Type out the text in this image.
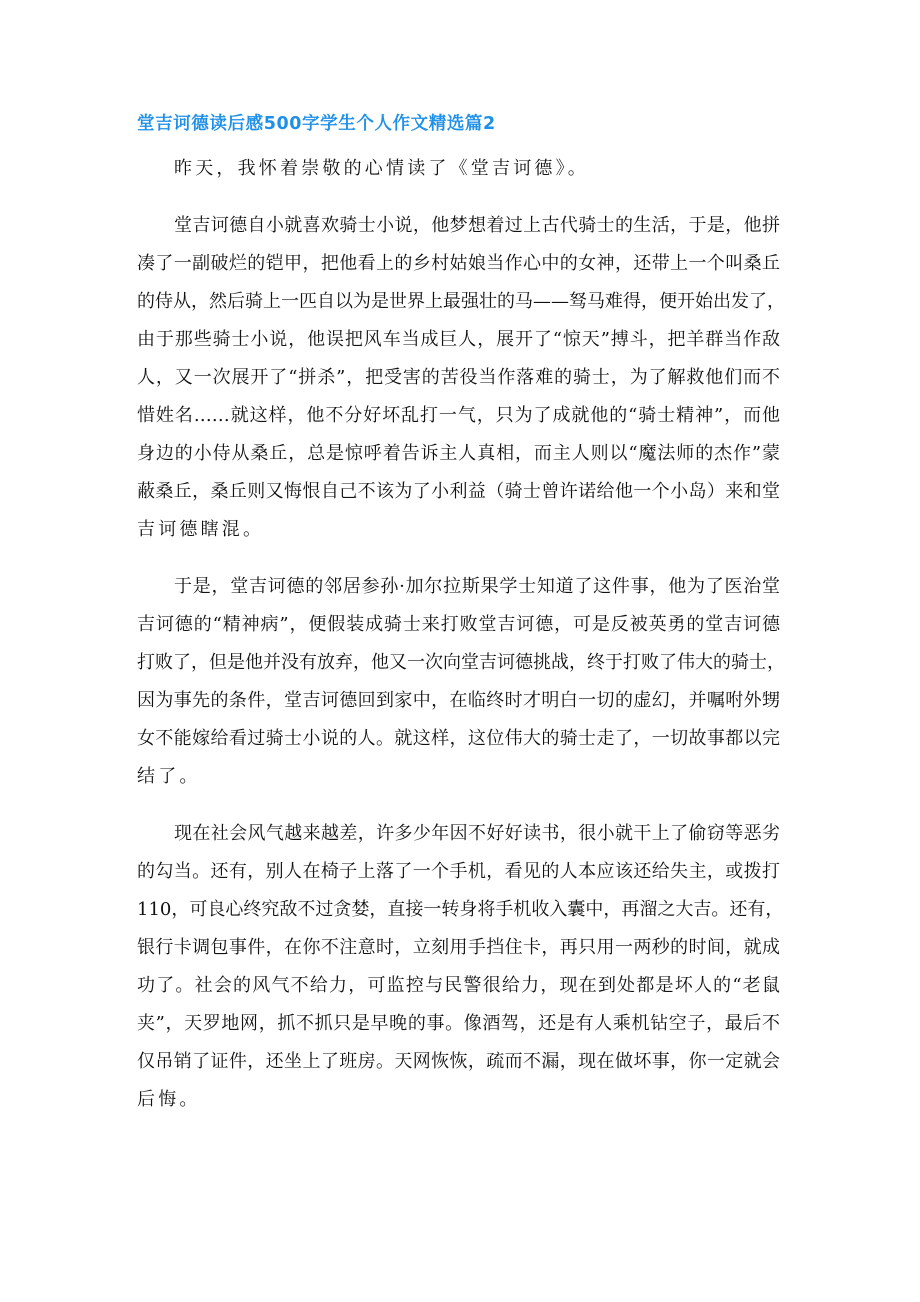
堂吉诃德读后感500字学生个人作文精选篇2
昨天，我怀着崇敬的心情读了《堂吉诃德》。
堂吉诃德自小就喜欢骑士小说，他梦想着过上古代骑士的生活，于是，他拼
凑了一副破烂的铠甲，把他看上的乡村姑娘当作心中的女神，还带上一个叫桑丘
的侍从，然后骑上一匹自以为是世界上最强壮的马——驽马难得，便开始出发了，
由于那些骑士小说，他误把风车当成巨人，展开了“惊天”搏斗，把羊群当作敌
人，又一次展开了“拼杀”，把受害的苦役当作落难的骑士，为了解救他们而不
惜姓名……就这样，他不分好坏乱打一气，只为了成就他的“骑士精神”，而他
身边的小侍从桑丘，总是惊呼着告诉主人真相，而主人则以“魔法师的杰作”蒙
蔽桑丘，桑丘则又悔恨自己不该为了小利益（骑士曾许诺给他一个小岛）来和堂
吉诃德瞎混。
于是，堂吉诃德的邻居参孙·加尔拉斯果学士知道了这件事，他为了医治堂
吉诃德的“精神病”，便假装成骑士来打败堂吉诃德，可是反被英勇的堂吉诃德
打败了，但是他并没有放弃，他又一次向堂吉诃德挑战，终于打败了伟大的骑士，
因为事先的条件，堂吉诃德回到家中，在临终时才明白一切的虚幻，并嘱咐外甥
女不能嫁给看过骑士小说的人。就这样，这位伟大的骑士走了，一切故事都以完
结了。
现在社会风气越来越差，许多少年因不好好读书，很小就干上了偷窃等恶劣
的勾当。还有，别人在椅子上落了一个手机，看见的人本应该还给失主，或拨打
110，可良心终究敌不过贪婪，直接一转身将手机收入囊中，再溜之大吉。还有，
银行卡调包事件，在你不注意时，立刻用手挡住卡，再只用一两秒的时间，就成
功了。社会的风气不给力，可监控与民警很给力，现在到处都是坏人的“老鼠
夹”，天罗地网，抓不抓只是早晚的事。像酒驾，还是有人乘机钻空子，最后不
仅吊销了证件，还坐上了班房。天网恢恢，疏而不漏，现在做坏事，你一定就会
后悔。
